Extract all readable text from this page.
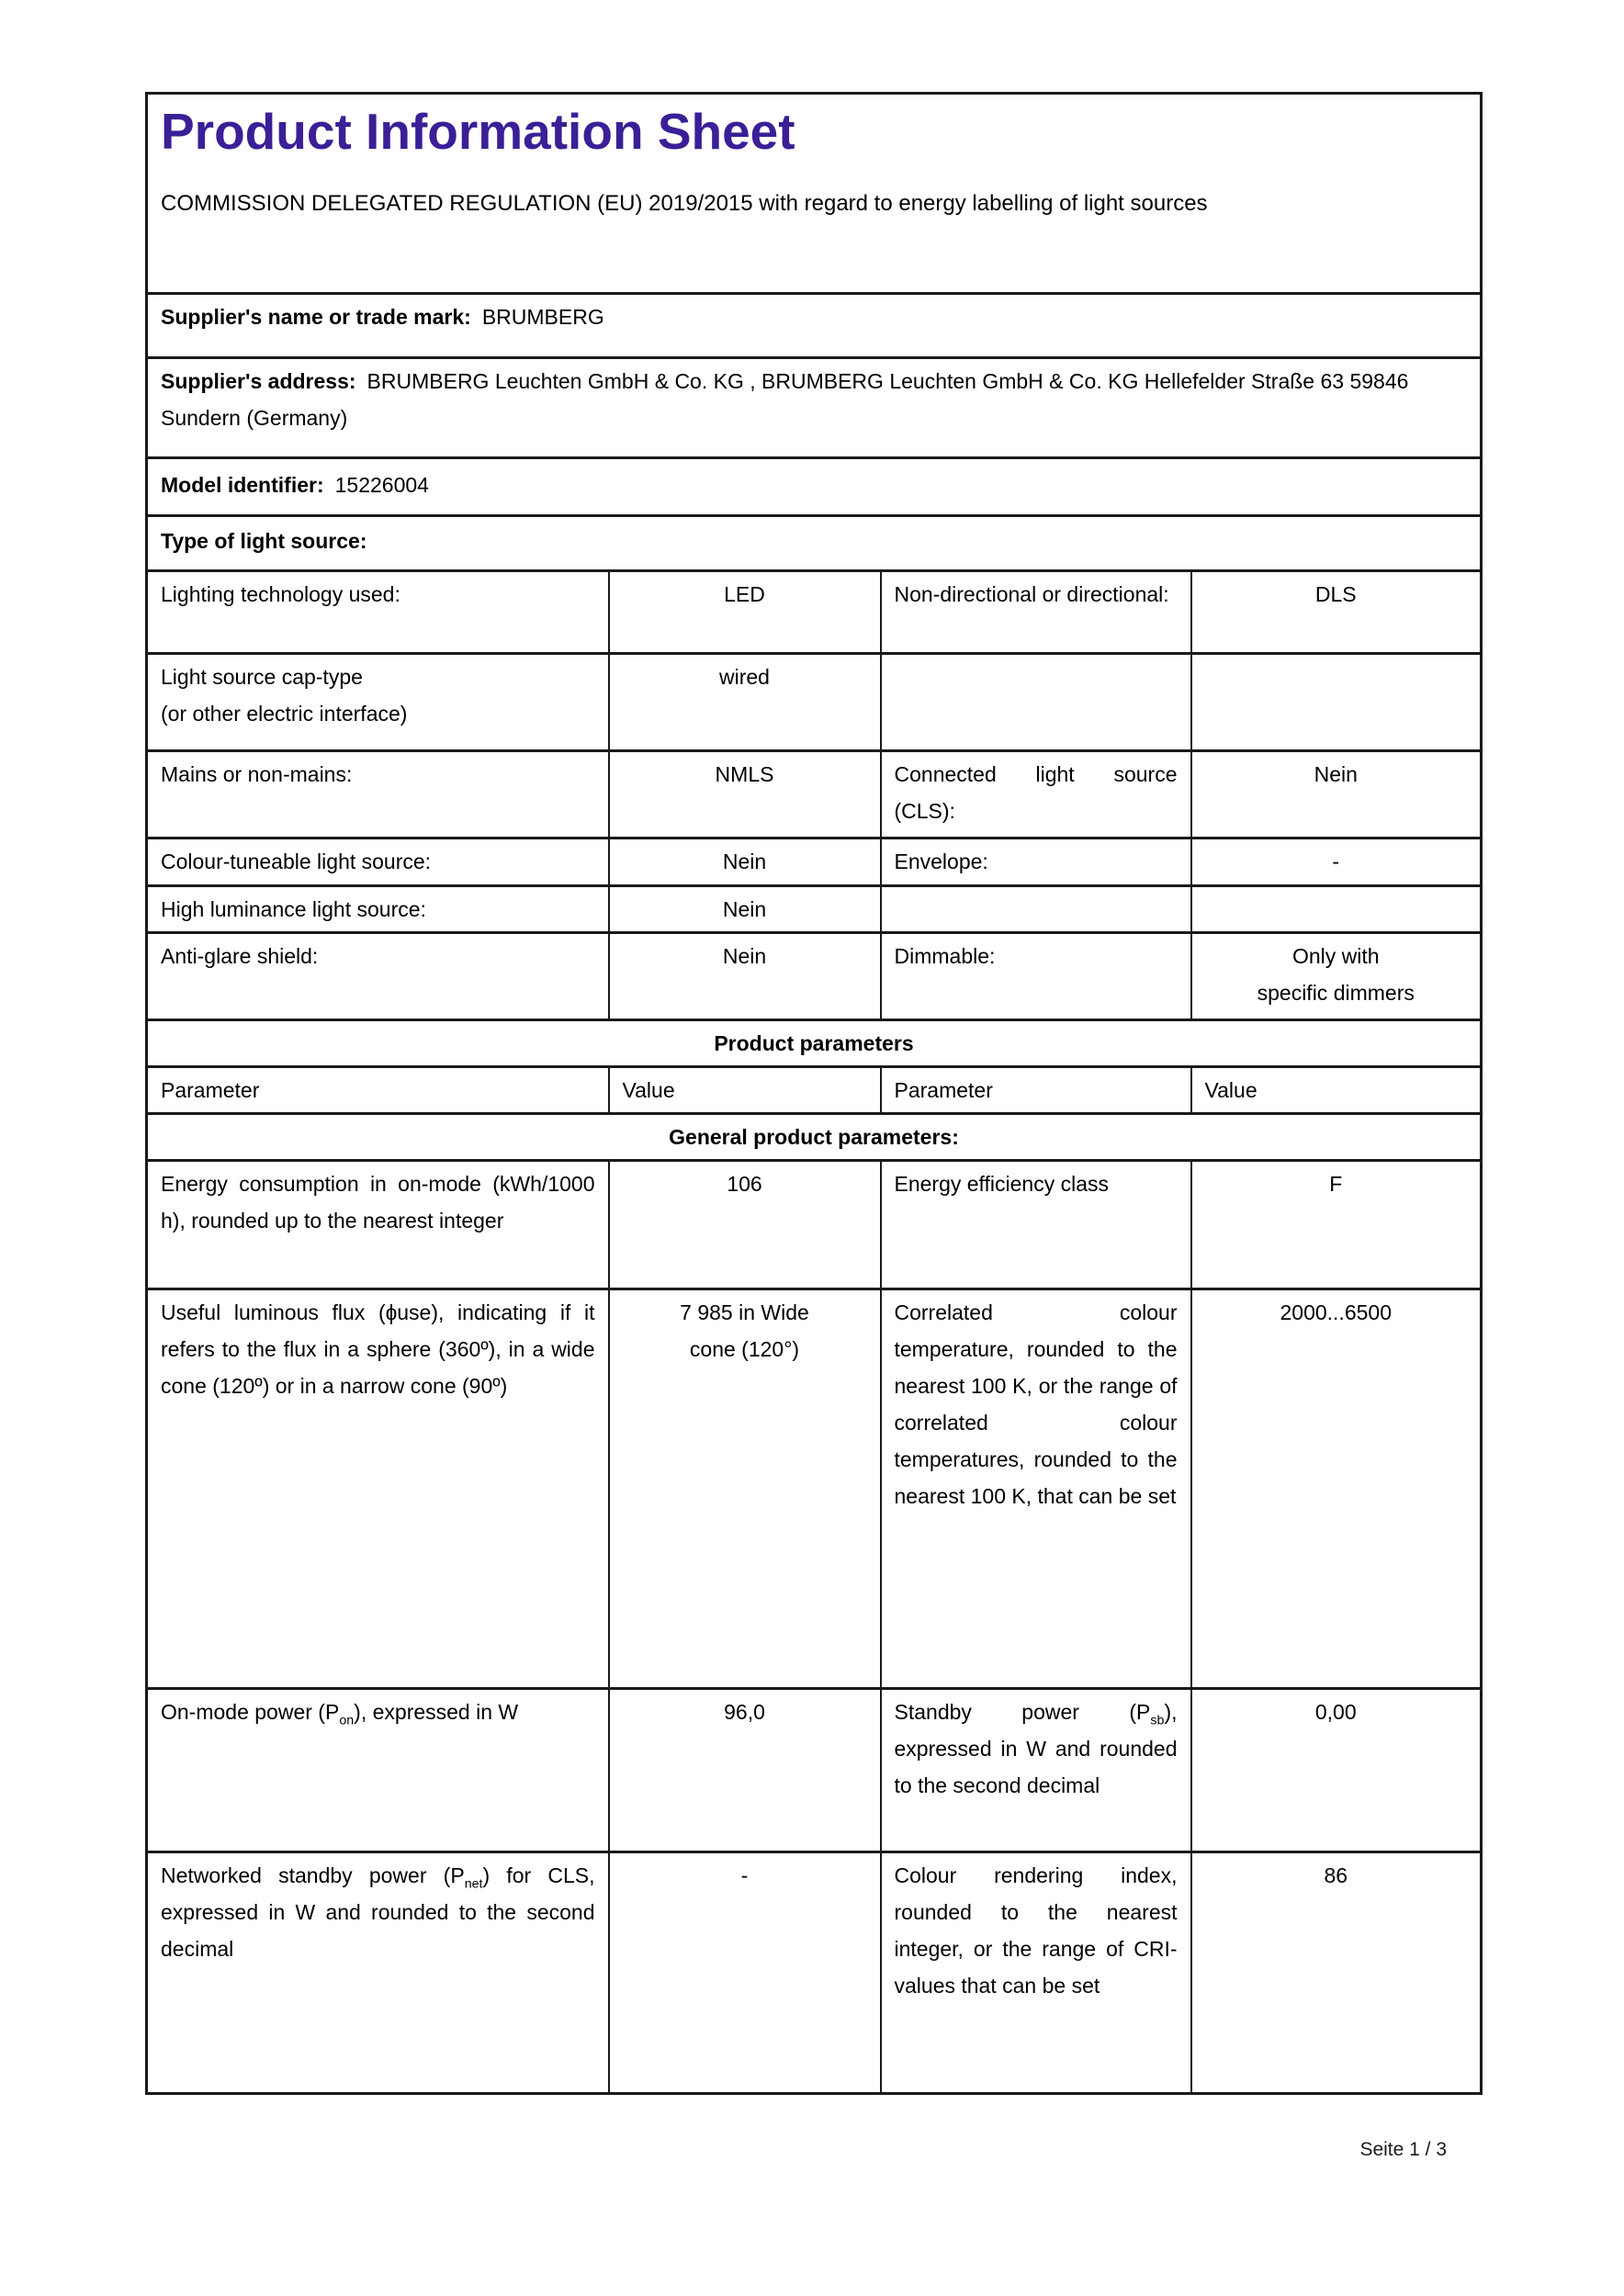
Product Information Sheet
COMMISSION DELEGATED REGULATION (EU) 2019/2015 with regard to energy labelling of light sources			

Supplier's name or trade mark: BRUMBERG			
Supplier's address: BRUMBERG Leuchten GmbH & Co. KG , BRUMBERG Leuchten GmbH & Co. KG Hellefelder Straße 63 59846 Sundern (Germany)			
Model identifier: 15226004			
Type of light source:			
Lighting technology used:	LED	Non-directional or directional:	DLS
Light source cap-type
(or other electric interface)	wired		
Mains or non-mains:	NMLS	Connected light source (CLS):	Nein
Colour-tuneable light source:	Nein	Envelope:	-
High luminance light source:	Nein		
Anti-glare shield:	Nein	Dimmable:	Only with
specific dimmers
Product parameters			
Parameter	Value	Parameter	Value
General product parameters:			
Energy consumption in on-mode (kWh/1000 h), rounded up to the nearest integer	106	Energy efficiency class	F
Useful luminous flux (ɸuse), indicating if it refers to the flux in a sphere (360º), in a wide cone (120º) or in a narrow cone (90º)	7 985 in Wide
cone (120°)	Correlated colour temperature, rounded to the nearest 100 K, or the range of correlated colour temperatures, rounded to the nearest 100 K, that can be set	2000...6500
On-mode power $(P_{on})$, expressed in W	96,0	Standby power $(P_{sb})$, expressed in W and rounded to the second decimal	0,00
Networked standby power $(P_{net})$ for CLS, expressed in W and rounded to the second decimal	-	Colour rendering index, rounded to the nearest integer, or the range of CRI-values that can be set	86
Seite 1 / 3
